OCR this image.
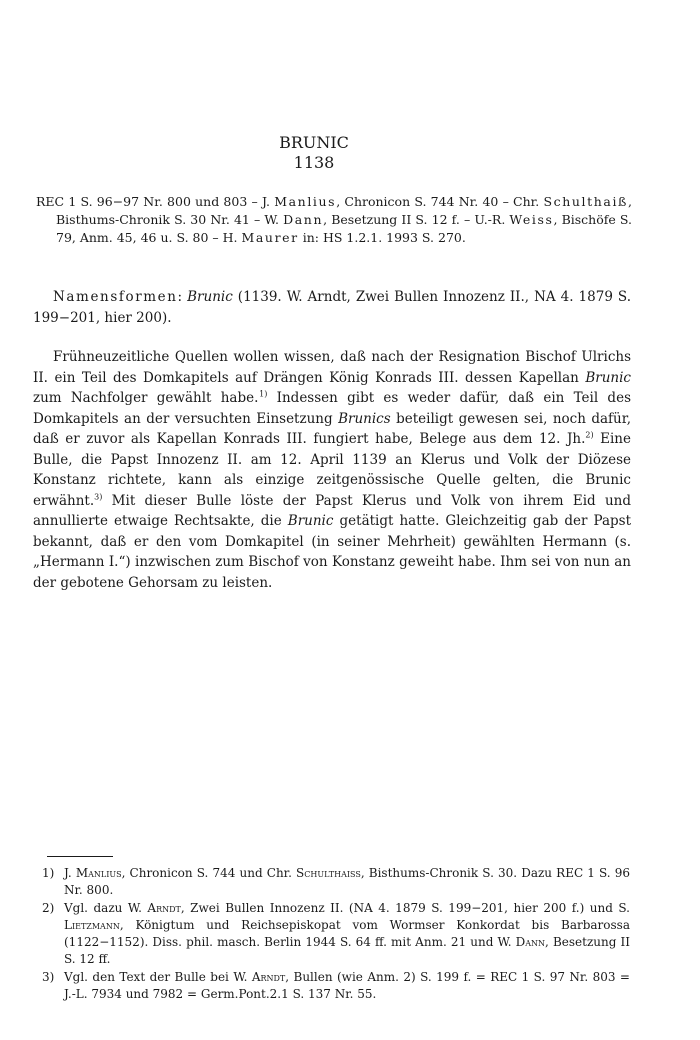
BRUNIC
1138

REC 1 S. 96−97 Nr. 800 und 803 – J. Manlius, Chronicon S. 744 Nr. 40 – Chr. Schulthaiß, Bisthums-Chronik S. 30 Nr. 41 – W. Dann, Besetzung II S. 12 f. – U.-R. Weiss, Bischöfe S. 79, Anm. 45, 46 u. S. 80 – H. Maurer in: HS 1.2.1. 1993 S. 270.

Namensformen: Brunic (1139. W. Arndt, Zwei Bullen Innozenz II., NA 4. 1879 S. 199−201, hier 200).

Frühneuzeitliche Quellen wollen wissen, daß nach der Resignation Bischof Ulrichs II. ein Teil des Domkapitels auf Drängen König Konrads III. dessen Kapellan Brunic zum Nachfolger gewählt habe. $^{1)}$ Indessen gibt es weder dafür, daß ein Teil des Domkapitels an der versuchten Einsetzung Brunics beteiligt gewesen sei, noch dafür, daß er zuvor als Kapellan Konrads III. fungiert habe, Belege aus dem 12. Jh.$^{2)}$ Eine Bulle, die Papst Innozenz II. am 12. April 1139 an Klerus und Volk der Diözese Konstanz richtete, kann als einzige zeitgenössische Quelle gelten, die Brunic erwähnt.$^{3)}$ Mit dieser Bulle löste der Papst Klerus und Volk von ihrem Eid und annullierte etwaige Rechtsakte, die Brunic getätigt hatte. Gleichzeitig gab der Papst bekannt, daß er den vom Domkapitel (in seiner Mehrheit) gewählten Hermann (s. „Hermann I.“) inzwischen zum Bischof von Konstanz geweiht habe. Ihm sei von nun an der gebotene Gehorsam zu leisten.

1) J. Manlius, Chronicon S. 744 und Chr. Schulthaiß, Bisthums-Chronik S. 30. Dazu REC 1 S. 96 Nr. 800.
2) Vgl. dazu W. Arndt, Zwei Bullen Innozenz II. (NA 4. 1879 S. 199−201, hier 200 f.) und S. Lietzmann, Königtum und Reichsepiskopat vom Wormser Konkordat bis Barbarossa (1122−1152). Diss. phil. masch. Berlin 1944 S. 64 ff. mit Anm. 21 und W. Dann, Besetzung II S. 12 ff.
3) Vgl. den Text der Bulle bei W. Arndt, Bullen (wie Anm. 2) S. 199 f. = REC 1 S. 97 Nr. 803 = J.-L. 7934 und 7982 = Germ.Pont.2.1 S. 137 Nr. 55.
